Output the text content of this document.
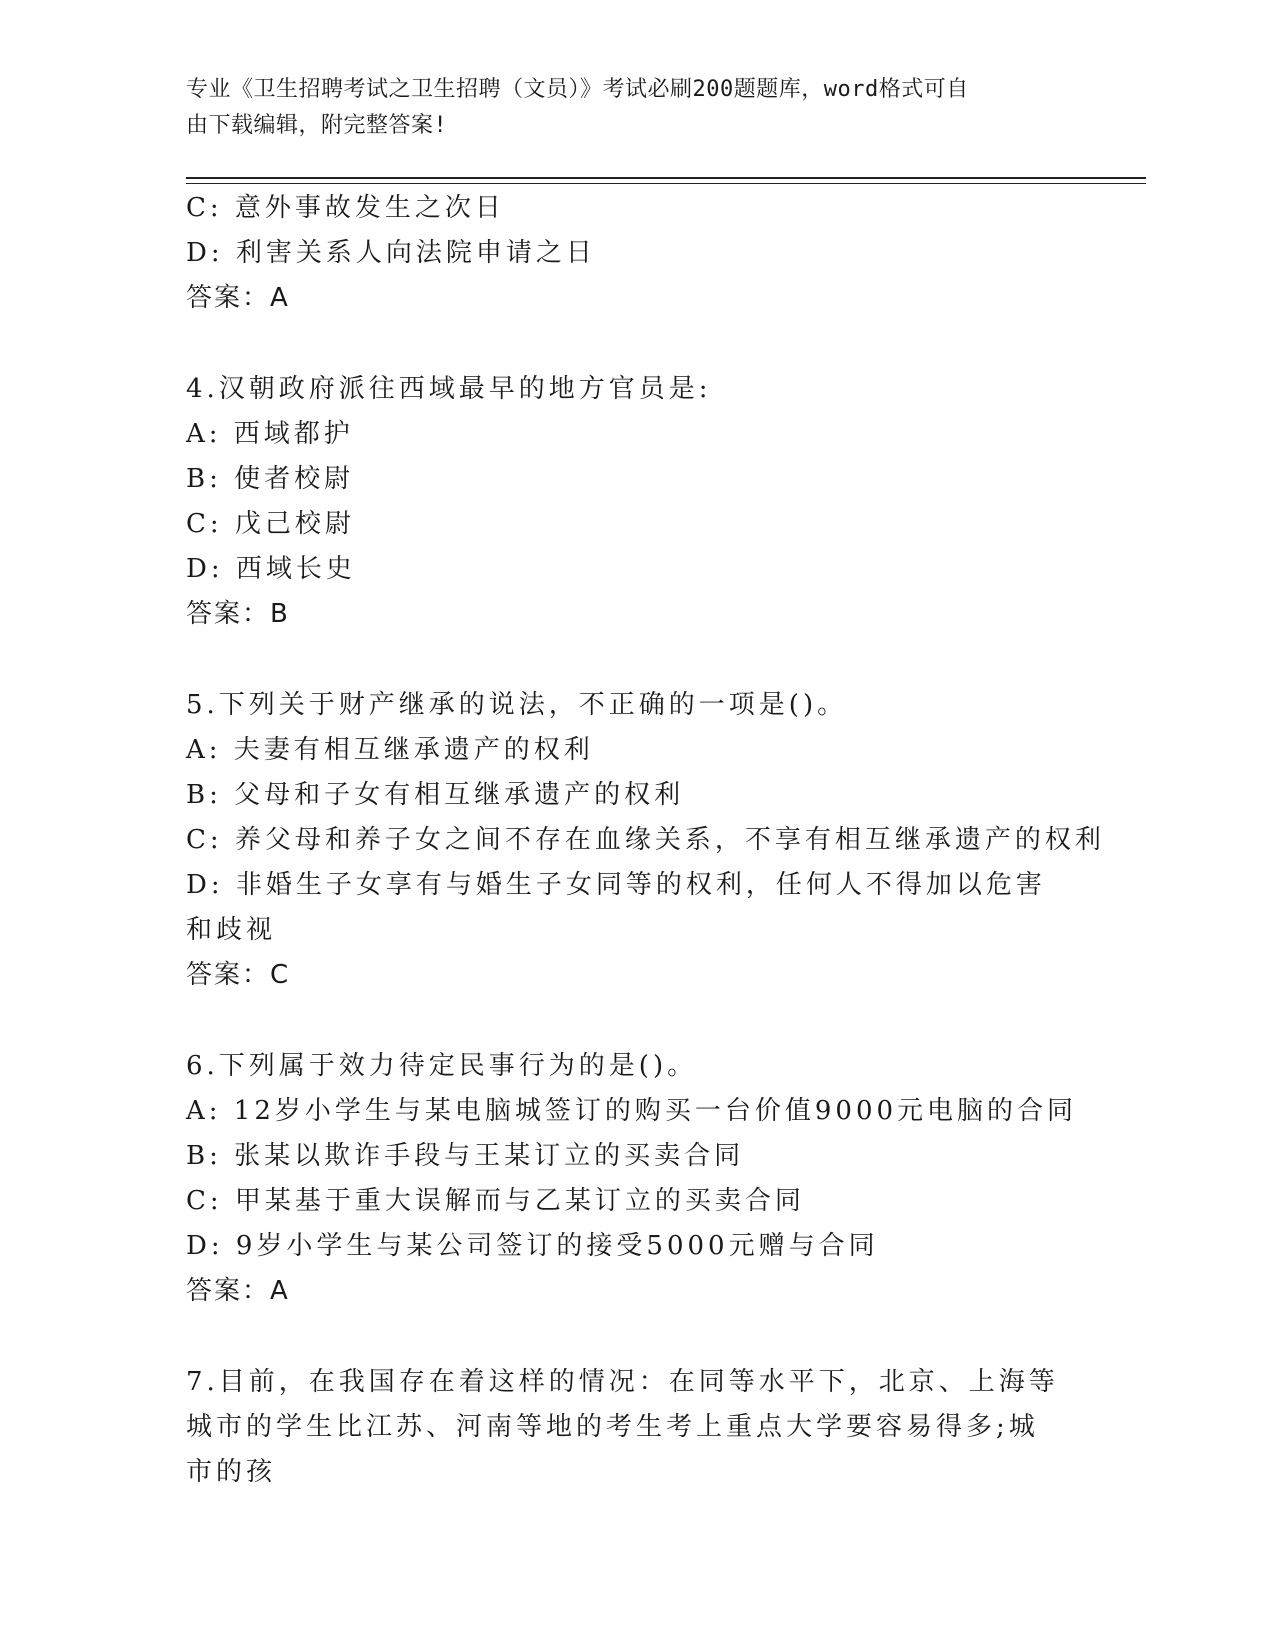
专业《卫生招聘考试之卫生招聘（文员）》考试必刷200题题库，word格式可自
由下载编辑，附完整答案!
C: 意外事故发生之次日
D: 利害关系人向法院申请之日
答案：A
4.汉朝政府派往西域最早的地方官员是:
A: 西域都护
B: 使者校尉
C: 戊己校尉
D: 西域长史
答案：B
5.下列关于财产继承的说法，不正确的一项是()。
A: 夫妻有相互继承遗产的权利
B: 父母和子女有相互继承遗产的权利
C: 养父母和养子女之间不存在血缘关系，不享有相互继承遗产的权利
D: 非婚生子女享有与婚生子女同等的权利，任何人不得加以危害和歧视
答案：C
6.下列属于效力待定民事行为的是()。
A: 12岁小学生与某电脑城签订的购买一台价值9000元电脑的合同
B: 张某以欺诈手段与王某订立的买卖合同
C: 甲某基于重大误解而与乙某订立的买卖合同
D: 9岁小学生与某公司签订的接受5000元赠与合同
答案：A
7.目前，在我国存在着这样的情况：在同等水平下，北京、上海等城市的学生比江苏、河南等地的考生考上重点大学要容易得多;城市的孩
